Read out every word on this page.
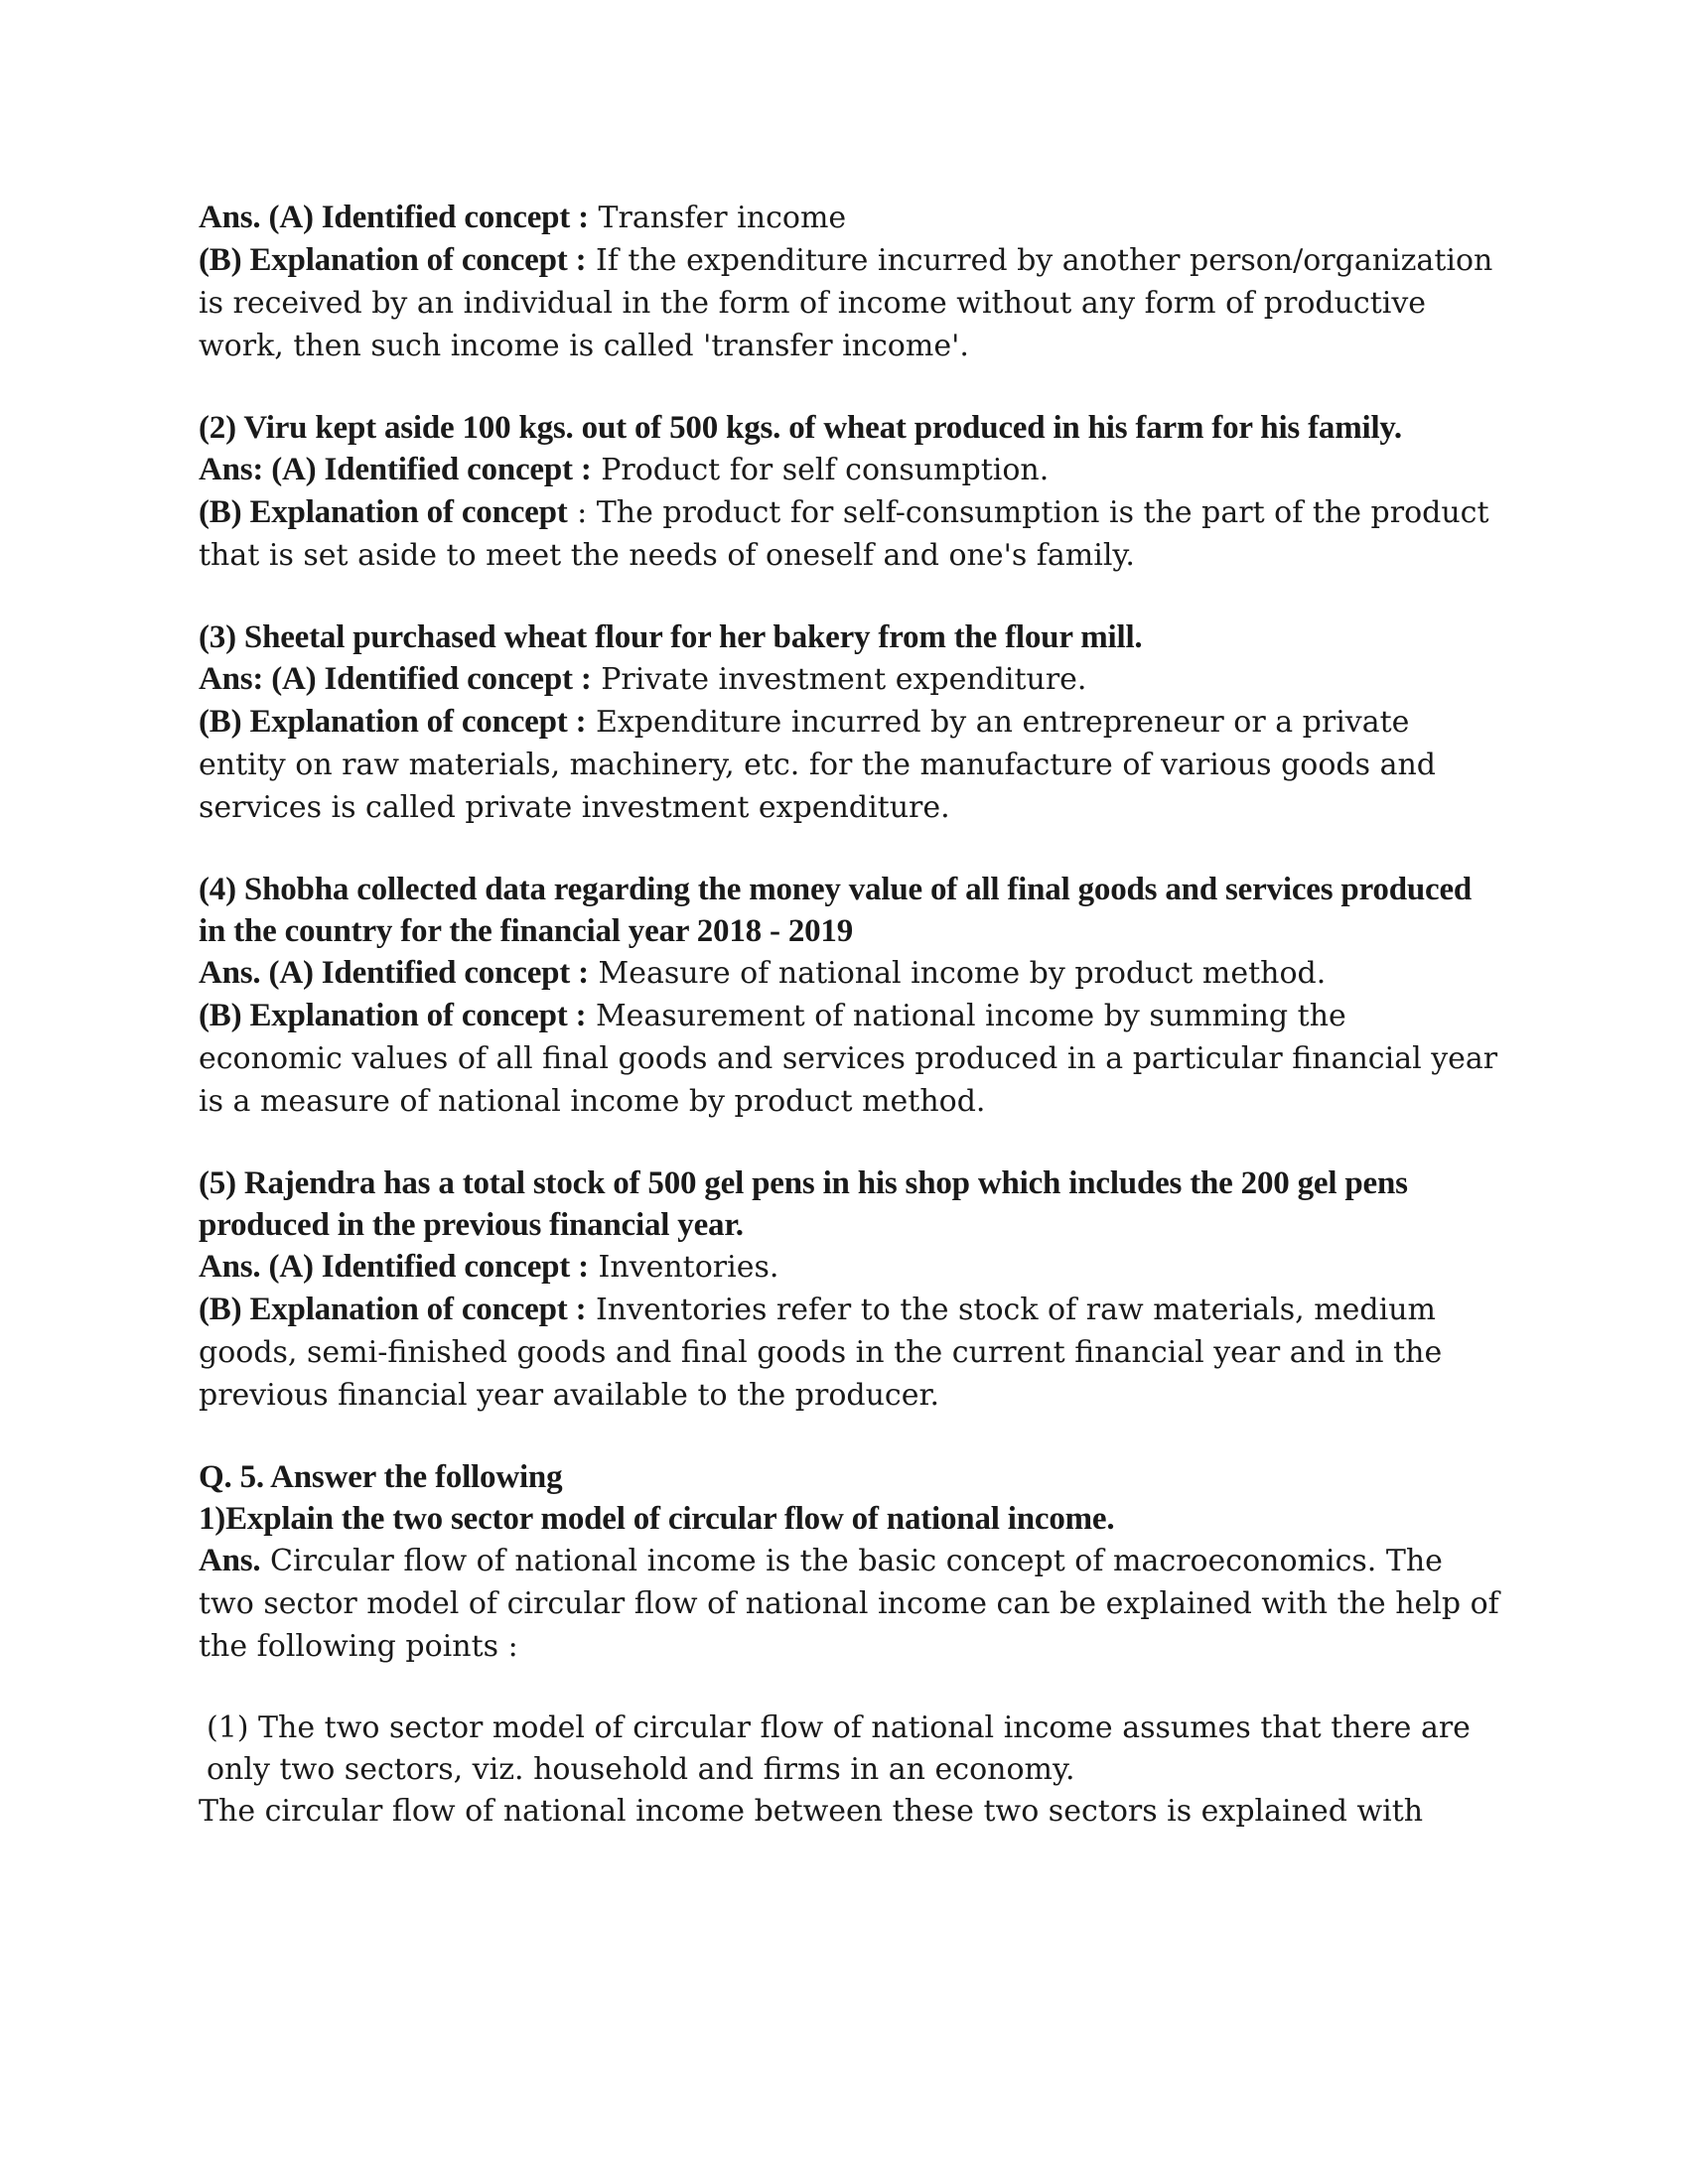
Ans. (A) Identified concept : Transfer income

(B) Explanation of concept : If the expenditure incurred by another person/organization is received by an individual in the form of income without any form of productive work, then such income is called 'transfer income'.

(2) Viru kept aside 100 kgs. out of 500 kgs. of wheat produced in his farm for his family.

Ans: (A) Identified concept : Product for self consumption.

(B) Explanation of concept : The product for self-consumption is the part of the product that is set aside to meet the needs of oneself and one's family.

(3) Sheetal purchased wheat flour for her bakery from the flour mill.

Ans: (A) Identified concept : Private investment expenditure.

(B) Explanation of concept : Expenditure incurred by an entrepreneur or a private entity on raw materials, machinery, etc. for the manufacture of various goods and services is called private investment expenditure.

(4) Shobha collected data regarding the money value of all final goods and services produced in the country for the financial year 2018 - 2019

Ans. (A) Identified concept : Measure of national income by product method.

(B) Explanation of concept : Measurement of national income by summing the economic values of all final goods and services produced in a particular financial year is a measure of national income by product method.

(5) Rajendra has a total stock of 500 gel pens in his shop which includes the 200 gel pens produced in the previous financial year.

Ans. (A) Identified concept : Inventories.

(B) Explanation of concept : Inventories refer to the stock of raw materials, medium goods, semi-finished goods and final goods in the current financial year and in the previous financial year available to the producer.

Q. 5. Answer the following

1)Explain the two sector model of circular flow of national income.

Ans. Circular flow of national income is the basic concept of macroeconomics. The two sector model of circular flow of national income can be explained with the help of the following points :

(1) The two sector model of circular flow of national income assumes that there are only two sectors, viz. household and firms in an economy.

The circular flow of national income between these two sectors is explained with
